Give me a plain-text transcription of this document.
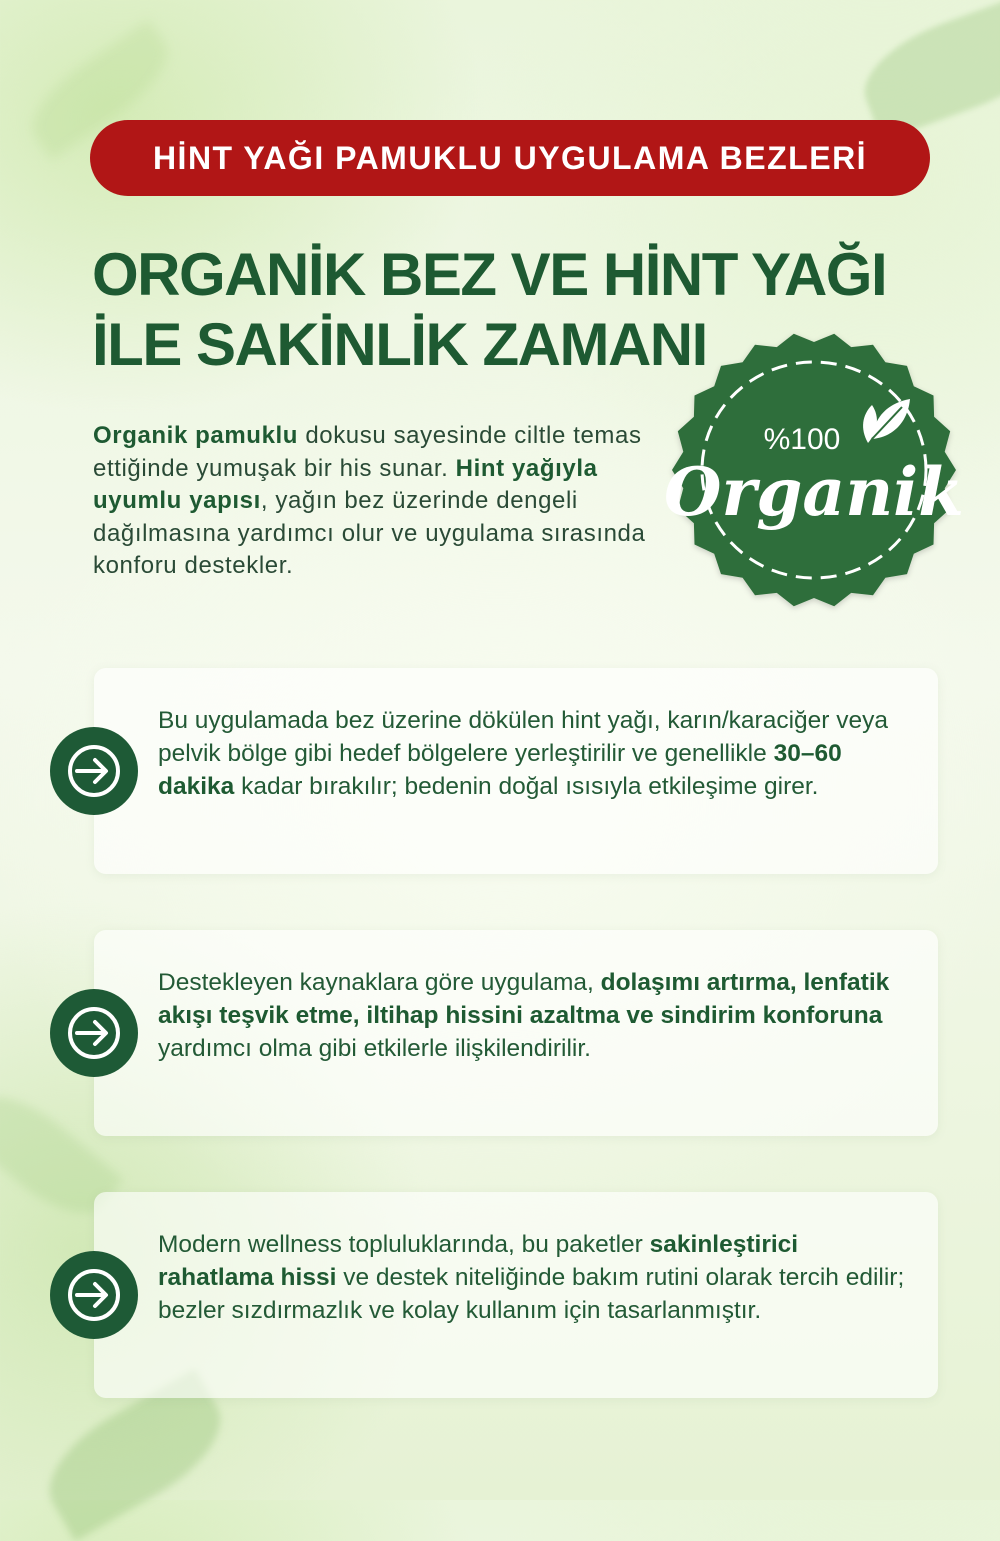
HİNT YAĞI PAMUKLU UYGULAMA BEZLERİ
ORGANİK BEZ VE HİNT YAĞI
İLE SAKİNLİK ZAMANI

Organik pamuklu dokusu sayesinde ciltle temas ettiğinde yumuşak bir his sunar. Hint yağıyla uyumlu yapısı, yağın bez üzerinde dengeli dağılmasına yardımcı olur ve uygulama sırasında konforu destekler.

%100
Organik

Bu uygulamada bez üzerine dökülen hint yağı, karın/karaciğer veya pelvik bölge gibi hedef bölgelere yerleştirilir ve genellikle 30–60 dakika kadar bırakılır; bedenin doğal ısısıyla etkileşime girer.

Destekleyen kaynaklara göre uygulama, dolaşımı artırma, lenfatik akışı teşvik etme, iltihap hissini azaltma ve sindirim konforuna yardımcı olma gibi etkilerle ilişkilendirilir.

Modern wellness topluluklarında, bu paketler sakinleştirici rahatlama hissi ve destek niteliğinde bakım rutini olarak tercih edilir; bezler sızdırmazlık ve kolay kullanım için tasarlanmıştır.
